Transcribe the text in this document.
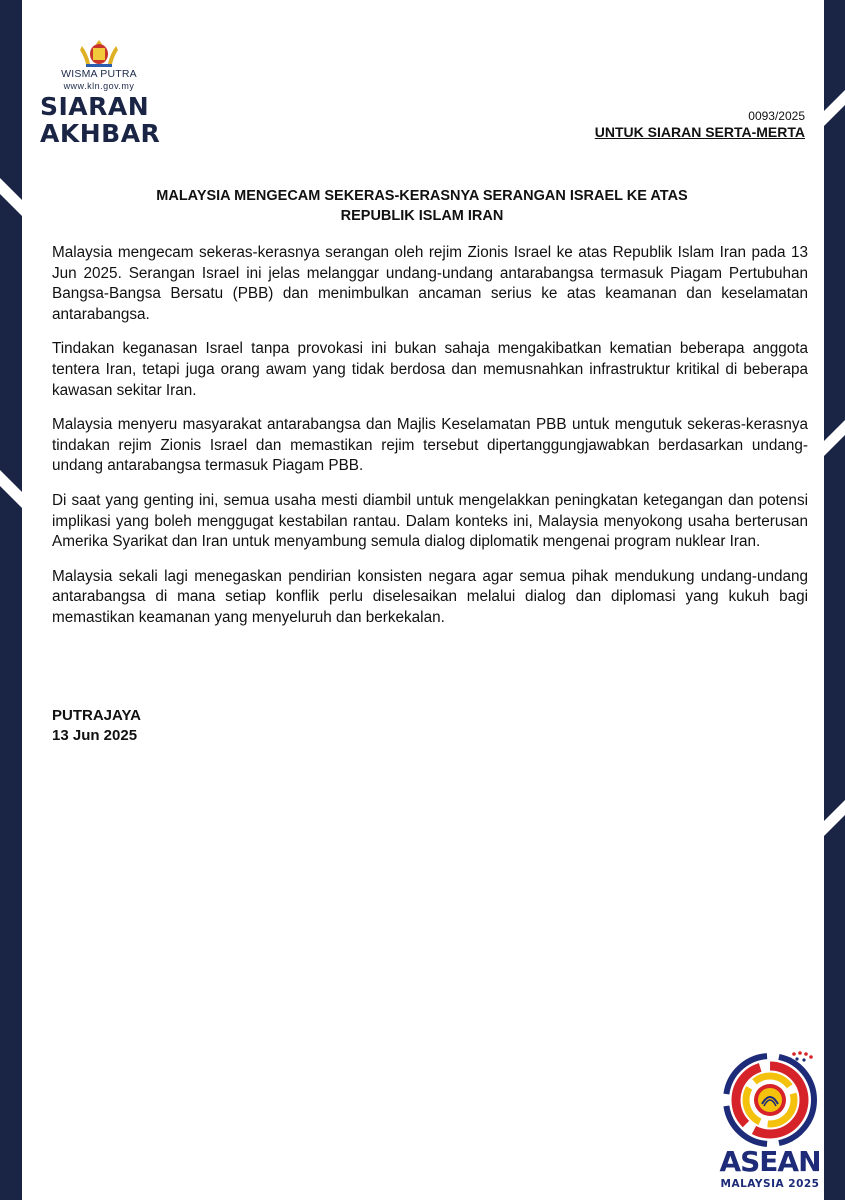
WISMA PUTRA
www.kln.gov.my
SIARAN
AKHBAR
0093/2025
UNTUK SIARAN SERTA-MERTA
MALAYSIA MENGECAM SEKERAS-KERASNYA SERANGAN ISRAEL KE ATAS
REPUBLIK ISLAM IRAN

Malaysia mengecam sekeras-kerasnya serangan oleh rejim Zionis Israel ke atas Republik Islam Iran pada 13 Jun 2025. Serangan Israel ini jelas melanggar undang-undang antarabangsa termasuk Piagam Pertubuhan Bangsa-Bangsa Bersatu (PBB) dan menimbulkan ancaman serius ke atas keamanan dan keselamatan antarabangsa.

Tindakan keganasan Israel tanpa provokasi ini bukan sahaja mengakibatkan kematian beberapa anggota tentera Iran, tetapi juga orang awam yang tidak berdosa dan memusnahkan infrastruktur kritikal di beberapa kawasan sekitar Iran.

Malaysia menyeru masyarakat antarabangsa dan Majlis Keselamatan PBB untuk mengutuk sekeras-kerasnya tindakan rejim Zionis Israel dan memastikan rejim tersebut dipertanggungjawabkan berdasarkan undang-undang antarabangsa termasuk Piagam PBB.

Di saat yang genting ini, semua usaha mesti diambil untuk mengelakkan peningkatan ketegangan dan potensi implikasi yang boleh menggugat kestabilan rantau. Dalam konteks ini, Malaysia menyokong usaha berterusan Amerika Syarikat dan Iran untuk menyambung semula dialog diplomatik mengenai program nuklear Iran.

Malaysia sekali lagi menegaskan pendirian konsisten negara agar semua pihak mendukung undang-undang antarabangsa di mana setiap konflik perlu diselesaikan melalui dialog dan diplomasi yang kukuh bagi memastikan keamanan yang menyeluruh dan berkekalan.

PUTRAJAYA
13 Jun 2025
ASEAN
MALAYSIA 2025
